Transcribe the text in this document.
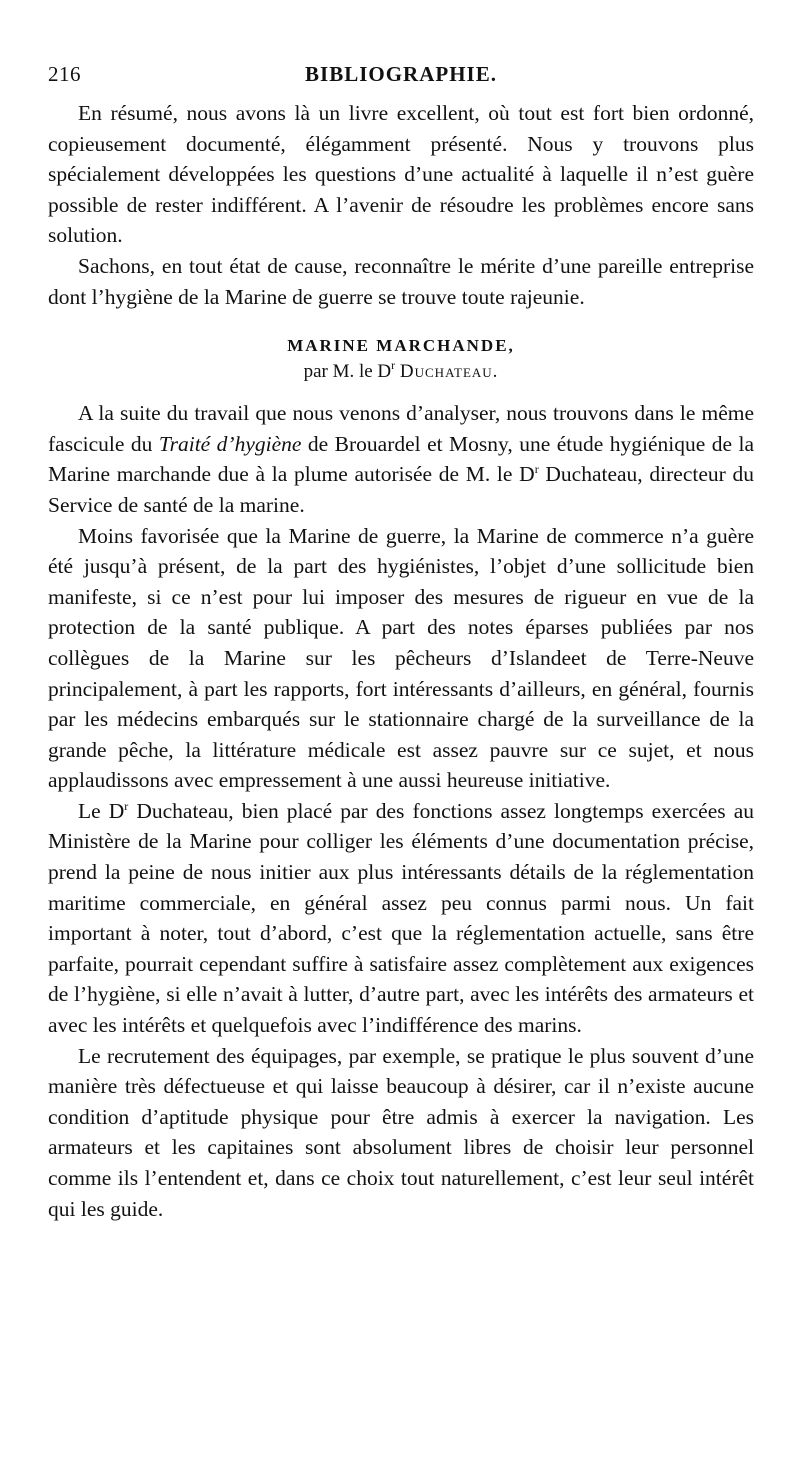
216	BIBLIOGRAPHIE.

En résumé, nous avons là un livre excellent, où tout est fort bien ordonné, copieusement documenté, élégamment présenté. Nous y trouvons plus spécialement développées les questions d’une actualité à laquelle il n’est guère possible de rester indifférent. A l’avenir de résoudre les problèmes encore sans solution.

Sachons, en tout état de cause, reconnaître le mérite d’une pareille entreprise dont l’hygiène de la Marine de guerre se trouve toute rajeunie.

MARINE MARCHANDE,
par M. le $D^r$ Duchateau.

A la suite du travail que nous venons d’analyser, nous trouvons dans le même fascicule du Traité d’hygiène de Brouardel et Mosny, une étude hygiénique de la Marine marchande due à la plume autorisée de M. le $D^r$ Duchateau, directeur du Service de santé de la marine.

Moins favorisée que la Marine de guerre, la Marine de commerce n’a guère été jusqu’à présent, de la part des hygiénistes, l’objet d’une sollicitude bien manifeste, si ce n’est pour lui imposer des mesures de rigueur en vue de la protection de la santé publique. A part des notes éparses publiées par nos collègues de la Marine sur les pêcheurs d’Islandeet de Terre-Neuve principalement, à part les rapports, fort intéressants d’ailleurs, en général, fournis par les médecins embarqués sur le stationnaire chargé de la surveillance de la grande pêche, la littérature médicale est assez pauvre sur ce sujet, et nous applaudissons avec empressement à une aussi heureuse initiative.

Le $D^r$ Duchateau, bien placé par des fonctions assez longtemps exercées au Ministère de la Marine pour colliger les éléments d’une documentation précise, prend la peine de nous initier aux plus intéressants détails de la réglementation maritime commerciale, en général assez peu connus parmi nous. Un fait important à noter, tout d’abord, c’est que la réglementation actuelle, sans être parfaite, pourrait cependant suffire à satisfaire assez complètement aux exigences de l’hygiène, si elle n’avait à lutter, d’autre part, avec les intérêts des armateurs et avec les intérêts et quelquefois avec l’indifférence des marins.

Le recrutement des équipages, par exemple, se pratique le plus souvent d’une manière très défectueuse et qui laisse beaucoup à désirer, car il n’existe aucune condition d’aptitude physique pour être admis à exercer la navigation. Les armateurs et les capitaines sont absolument libres de choisir leur personnel comme ils l’entendent et, dans ce choix tout naturellement, c’est leur seul intérêt qui les guide.
